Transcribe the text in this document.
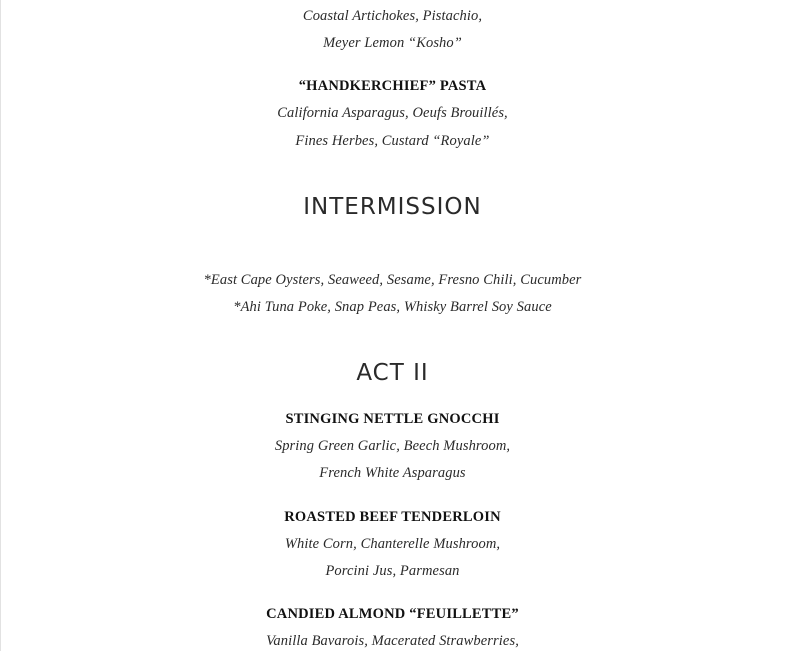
Coastal Artichokes, Pistachio,
Meyer Lemon “Kosho”
“HANDKERCHIEF” PASTA
California Asparagus, Oeufs Brouillés,
Fines Herbes, Custard “Royale”
INTERMISSION
*East Cape Oysters, Seaweed, Sesame, Fresno Chili, Cucumber
*Ahi Tuna Poke, Snap Peas, Whisky Barrel Soy Sauce
ACT II
STINGING NETTLE GNOCCHI
Spring Green Garlic, Beech Mushroom,
French White Asparagus
ROASTED BEEF TENDERLOIN
White Corn, Chanterelle Mushroom,
Porcini Jus, Parmesan
CANDIED ALMOND “FEUILLETTE”
Vanilla Bavarois, Macerated Strawberries,
